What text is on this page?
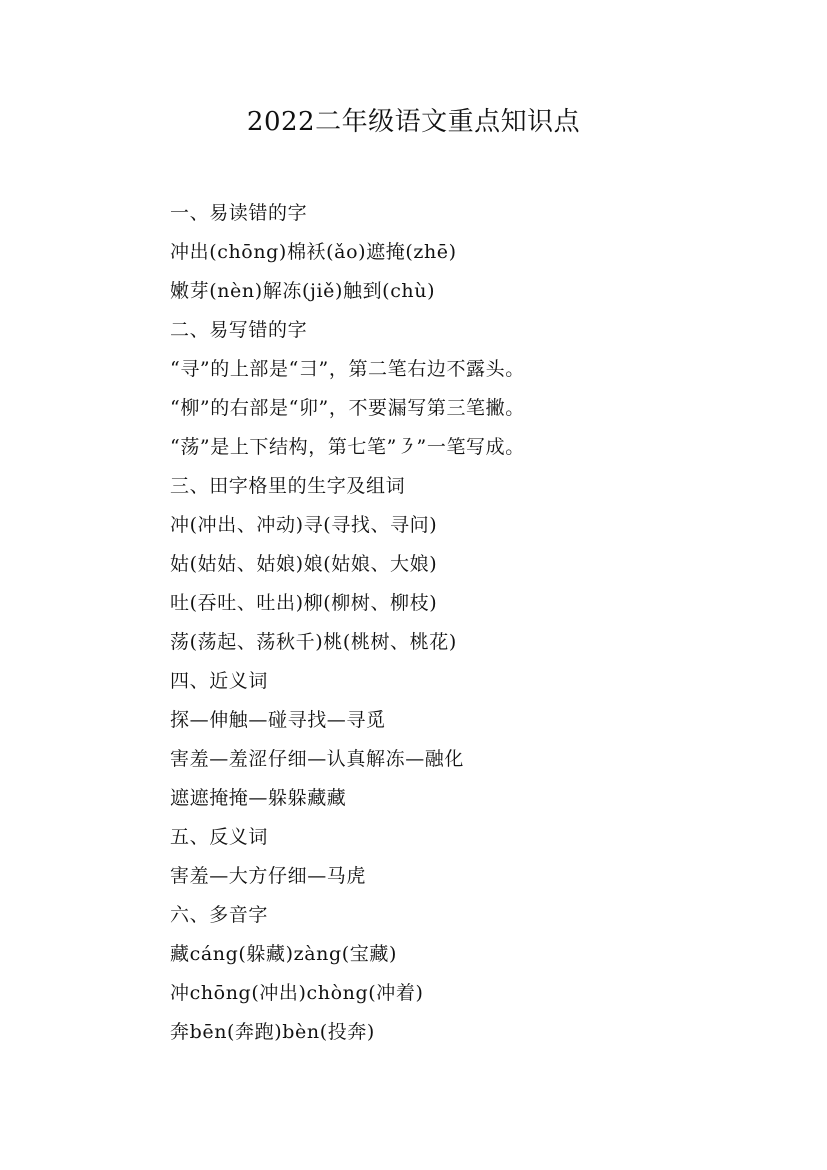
2022二年级语文重点知识点
一、易读错的字
冲出(chōng)棉袄(ǎo)遮掩(zhē)
嫩芽(nèn)解冻(jiě)触到(chù)
二、易写错的字
“寻”的上部是“彐”，第二笔右边不露头。
“柳”的右部是“卯”，不要漏写第三笔撇。
“荡”是上下结构，第七笔”㇋”一笔写成。
三、田字格里的生字及组词
冲(冲出、冲动)寻(寻找、寻问)
姑(姑姑、姑娘)娘(姑娘、大娘)
吐(吞吐、吐出)柳(柳树、柳枝)
荡(荡起、荡秋千)桃(桃树、桃花)
四、近义词
探—伸触—碰寻找—寻觅
害羞—羞涩仔细—认真解冻—融化
遮遮掩掩—躲躲藏藏
五、反义词
害羞—大方仔细—马虎
六、多音字
藏cáng(躲藏)zàng(宝藏)
冲chōng(冲出)chòng(冲着)
奔bēn(奔跑)bèn(投奔)
